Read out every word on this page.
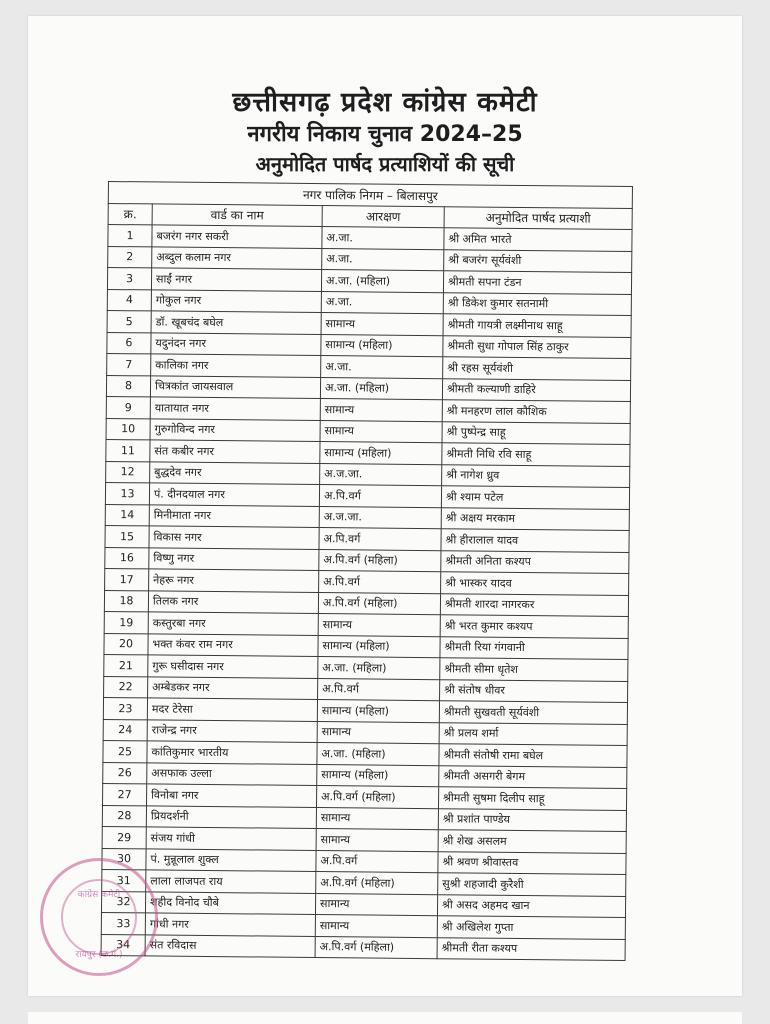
छत्तीसगढ़ प्रदेश कांग्रेस कमेटी
नगरीय निकाय चुनाव 2024–25
अनुमोदित पार्षद प्रत्याशियों की सूची
नगर पालिक निगम – बिलासपुर			
क्र.	वार्ड का नाम	आरक्षण	अनुमोदित पार्षद प्रत्याशी
1	बजरंग नगर सकरी	अ.जा.	श्री अमित भारते
2	अब्दुल कलाम नगर	अ.जा.	श्री बजरंग सूर्यवंशी
3	साईं नगर	अ.जा. (महिला)	श्रीमती सपना टंडन
4	गोकुल नगर	अ.जा.	श्री डिकेश कुमार सतनामी
5	डॉ. खूबचंद बघेल	सामान्य	श्रीमती गायत्री लक्ष्मीनाथ साहू
6	यदुनंदन नगर	सामान्य (महिला)	श्रीमती सुधा गोपाल सिंह ठाकुर
7	कालिका नगर	अ.जा.	श्री रहस सूर्यवंशी
8	चित्रकांत जायसवाल	अ.जा. (महिला)	श्रीमती कल्याणी डाहिरे
9	यातायात नगर	सामान्य	श्री मनहरण लाल कौशिक
10	गुरुगोविन्द नगर	सामान्य	श्री पुष्पेन्द्र साहू
11	संत कबीर नगर	सामान्य (महिला)	श्रीमती निधि रवि साहू
12	बुद्धदेव नगर	अ.ज.जा.	श्री नागेश ध्रुव
13	पं. दीनदयाल नगर	अ.पि.वर्ग	श्री श्याम पटेल
14	मिनीमाता नगर	अ.ज.जा.	श्री अक्षय मरकाम
15	विकास नगर	अ.पि.वर्ग	श्री हीरालाल यादव
16	विष्णु नगर	अ.पि.वर्ग (महिला)	श्रीमती अनिता कश्यप
17	नेहरू नगर	अ.पि.वर्ग	श्री भास्कर यादव
18	तिलक नगर	अ.पि.वर्ग (महिला)	श्रीमती शारदा नागरकर
19	कस्तुरबा नगर	सामान्य	श्री भरत कुमार कश्यप
20	भक्त कंवर राम नगर	सामान्य (महिला)	श्रीमती रिया गंगवानी
21	गुरू घसीदास नगर	अ.जा. (महिला)	श्रीमती सीमा धृतेश
22	अम्बेडकर नगर	अ.पि.वर्ग	श्री संतोष धीवर
23	मदर टेरेसा	सामान्य (महिला)	श्रीमती सुखवती सूर्यवंशी
24	राजेन्द्र नगर	सामान्य	श्री प्रलय शर्मा
25	कांतिकुमार भारतीय	अ.जा. (महिला)	श्रीमती संतोषी रामा बघेल
26	असफाक उल्ला	सामान्य (महिला)	श्रीमती असगरी बेगम
27	विनोबा नगर	अ.पि.वर्ग (महिला)	श्रीमती सुषमा दिलीप साहू
28	प्रियदर्शनी	सामान्य	श्री प्रशांत पाण्डेय
29	संजय गांधी	सामान्य	श्री शेख असलम
30	पं. मुन्नूलाल शुक्ल	अ.पि.वर्ग	श्री श्रवण श्रीवास्तव
31	लाला लाजपत राय	अ.पि.वर्ग (महिला)	सुश्री शहजादी कुरैशी
32	शहीद विनोद चौबे	सामान्य	श्री असद अहमद खान
33	गांधी नगर	सामान्य	श्री अखिलेश गुप्ता
34	संत रविदास	अ.पि.वर्ग (महिला)	श्रीमती रीता कश्यप
कांग्रेस कमेटी
रायपुर (छ.ग.)
